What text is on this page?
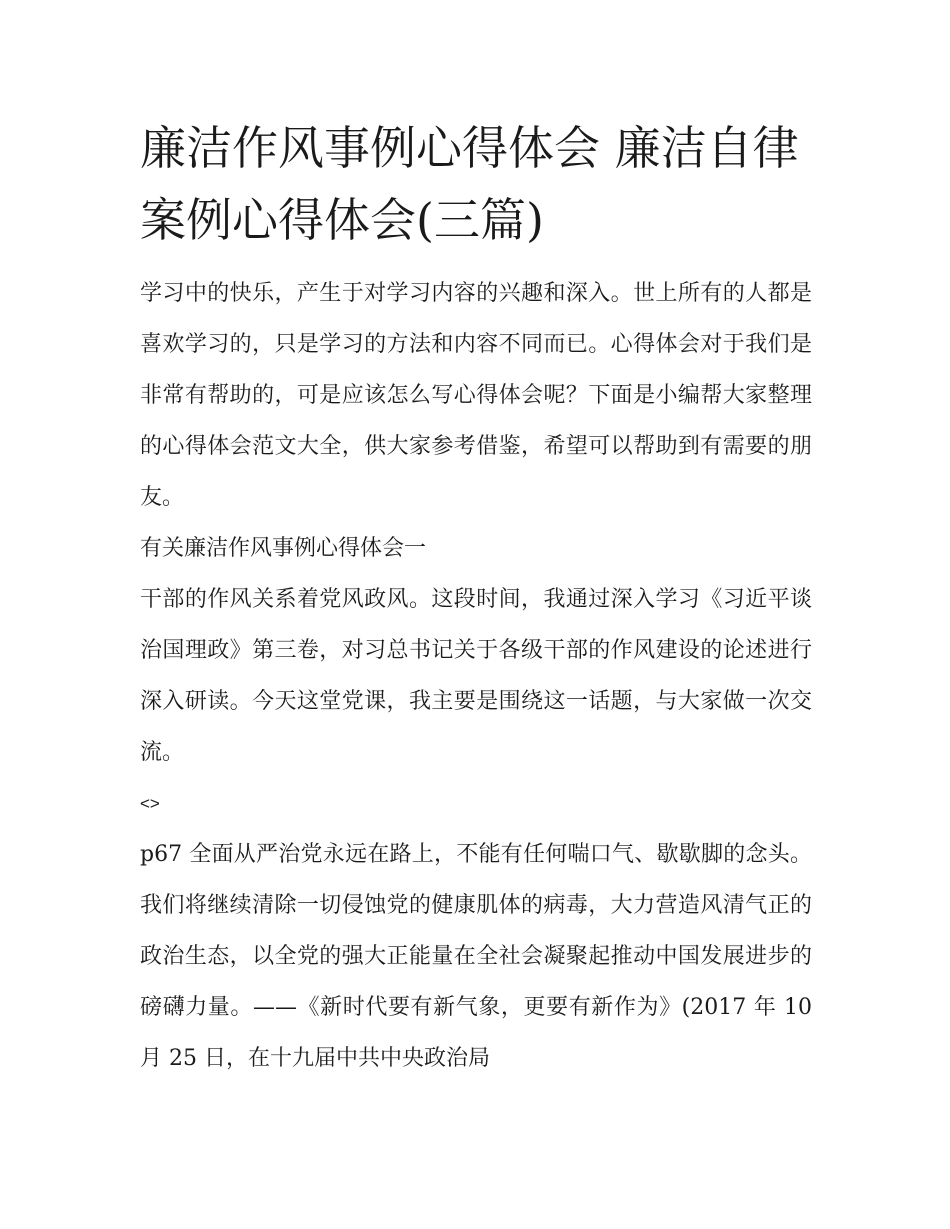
廉洁作风事例心得体会 廉洁自律案例心得体会(三篇)

学习中的快乐，产生于对学习内容的兴趣和深入。世上所有的人都是喜欢学习的，只是学习的方法和内容不同而已。心得体会对于我们是非常有帮助的，可是应该怎么写心得体会呢？下面是小编帮大家整理的心得体会范文大全，供大家参考借鉴，希望可以帮助到有需要的朋友。

有关廉洁作风事例心得体会一

干部的作风关系着党风政风。这段时间，我通过深入学习《习近平谈治国理政》第三卷，对习总书记关于各级干部的作风建设的论述进行深入研读。今天这堂党课，我主要是围绕这一话题，与大家做一次交流。

<>

p67 全面从严治党永远在路上，不能有任何喘口气、歇歇脚的念头。我们将继续清除一切侵蚀党的健康肌体的病毒，大力营造风清气正的政治生态，以全党的强大正能量在全社会凝聚起推动中国发展进步的磅礴力量。——《新时代要有新气象，更要有新作为》(2017 年 10 月 25 日，在十九届中共中央政治局
